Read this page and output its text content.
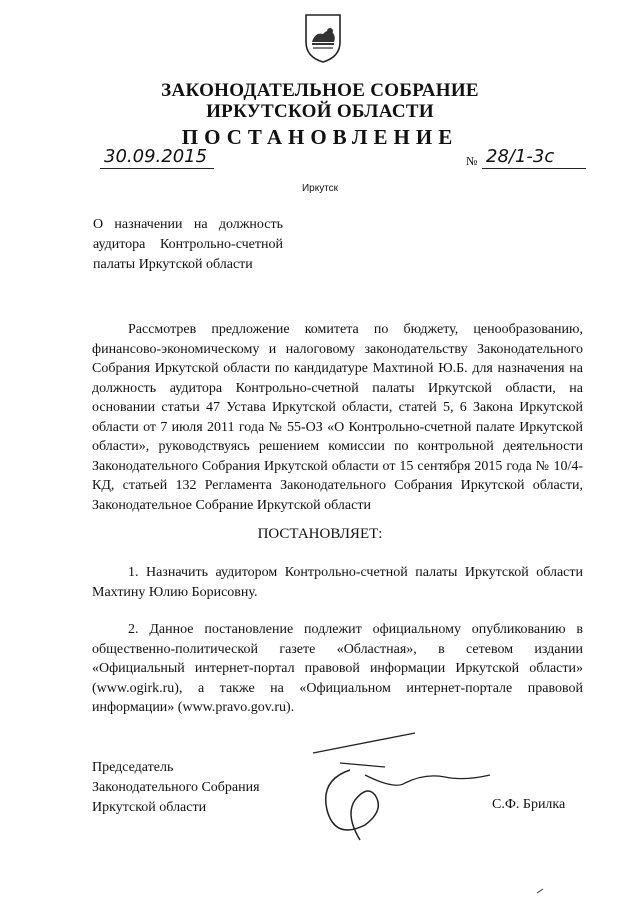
ЗАКОНОДАТЕЛЬНОЕ СОБРАНИЕ
ИРКУТСКОЙ ОБЛАСТИ
ПОСТАНОВЛЕНИЕ
30.09.2015	№ 28/1-3с
Иркутск
О назначении на должность аудитора Контрольно-счетной палаты Иркутской области
Рассмотрев предложение комитета по бюджету, ценообразованию, финансово-экономическому и налоговому законодательству Законодательного Собрания Иркутской области по кандидатуре Махтиной Ю.Б. для назначения на должность аудитора Контрольно-счетной палаты Иркутской области, на основании статьи 47 Устава Иркутской области, статей 5, 6 Закона Иркутской области от 7 июля 2011 года № 55-ОЗ «О Контрольно-счетной палате Иркутской области», руководствуясь решением комиссии по контрольной деятельности Законодательного Собрания Иркутской области от 15 сентября 2015 года № 10/4-КД, статьей 132 Регламента Законодательного Собрания Иркутской области, Законодательное Собрание Иркутской области
ПОСТАНОВЛЯЕТ:
1. Назначить аудитором Контрольно-счетной палаты Иркутской области Махтину Юлию Борисовну.
2. Данное постановление подлежит официальному опубликованию в общественно-политической газете «Областная», в сетевом издании «Официальный интернет-портал правовой информации Иркутской области» (www.ogirk.ru), а также на «Официальном интернет-портале правовой информации» (www.pravo.gov.ru).
Председатель
Законодательного Собрания
Иркутской области	С.Ф. Брилка
